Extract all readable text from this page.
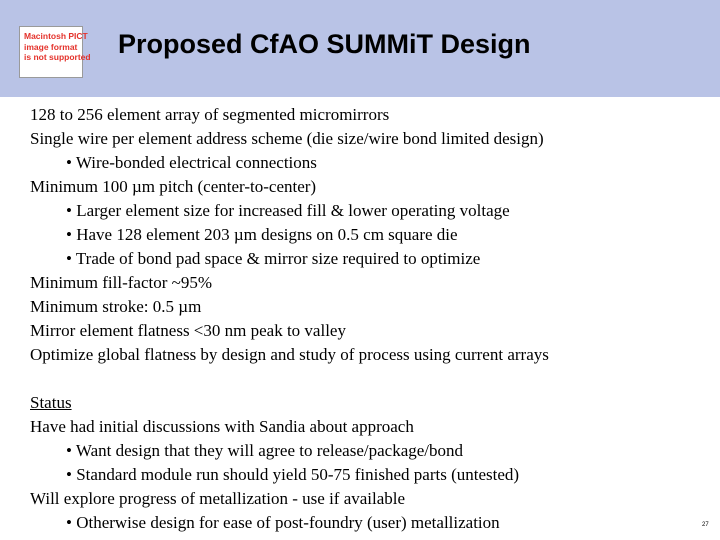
Macintosh PICT
image format
is not supported Proposed CfAO SUMMiT Design
128 to 256 element array of segmented micromirrors
Single wire per element address scheme (die size/wire bond limited design)
• Wire-bonded electrical connections
Minimum 100 µm pitch (center-to-center)
• Larger element size for increased fill & lower operating voltage
• Have 128 element 203 µm designs on 0.5 cm square die
• Trade of bond pad space & mirror size required to optimize
Minimum fill-factor ~95%
Minimum stroke: 0.5 µm
Mirror element flatness <30 nm peak to valley
Optimize global flatness by design and study of process using current arrays
Status
Have had initial discussions with Sandia about approach
• Want design that they will agree to release/package/bond
• Standard module run should yield 50-75 finished parts (untested)
Will explore progress of metallization - use if available
• Otherwise design for ease of post-foundry (user) metallization	27
